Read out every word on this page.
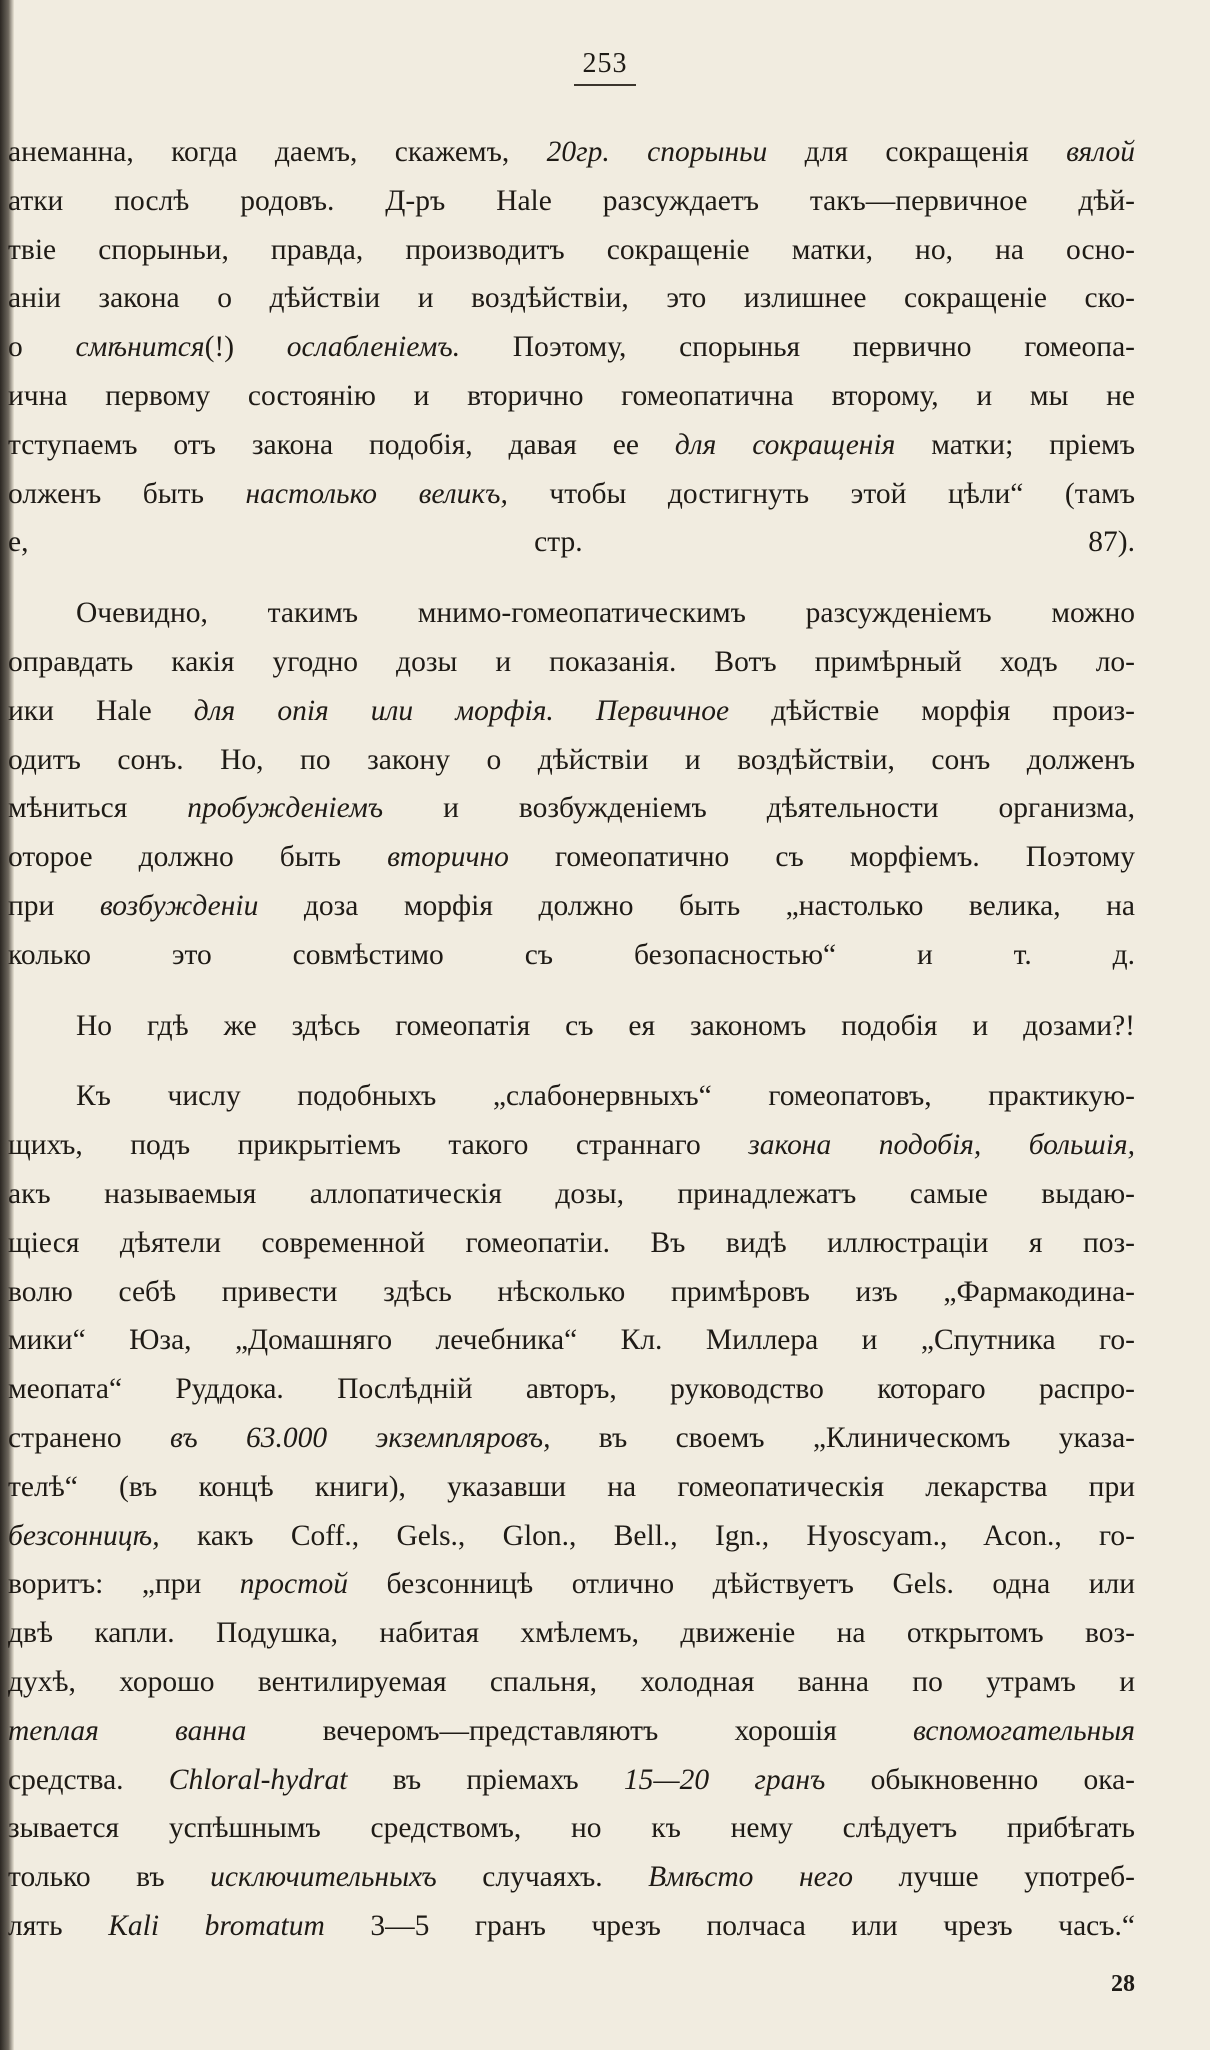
253
анемaнна, когда даемъ, скажемъ, 20гр. спорыньи для сокращенія вялой
атки послѣ родовъ. Д-ръ Hale разсуждаетъ такъ—первичное дѣй-
твіе спорыньи, правда, производитъ сокращеніе матки, но, на осно-
аніи закона о дѣйствіи и воздѣйствіи, это излишнее сокращеніе ско-
о смѣнится(!) ослабленіемъ. Поэтому, спорынья первично гомеопа-
ична первому состоянію и вторично гомеопатична второму, и мы не
тступаемъ отъ закона подобія, давая ее для сокращенія матки; пріемъ
олженъ быть настолько великъ, чтобы достигнуть этой цѣли“ (тамъ
е, стр. 87).
Очевидно, такимъ мнимо-гомеопатическимъ разсужденіемъ можно
оправдать какія угодно дозы и показанія. Вотъ примѣрный ходъ ло-
ики Hale для опія или морфія. Первичное дѣйствіе морфія произ-
одитъ сонъ. Но, по закону о дѣйствіи и воздѣйствіи, сонъ долженъ
мѣниться пробужденіемъ и возбужденіемъ дѣятельности организма,
оторое должно быть вторично гомеопатично съ морфіемъ. Поэтому
при возбужденіи доза морфія должно быть „настолько велика, на
колько это совмѣстимо съ безопасностью“ и т. д.
Но гдѣ же здѣсь гомеопатія съ ея закономъ подобія и дозами?!
Къ числу подобныхъ „слабонервныхъ“ гомеопатовъ, практикую-
щихъ, подъ прикрытіемъ такого страннаго закона подобія, большія,
акъ называемыя аллопатическія дозы, принадлежатъ самые выдаю-
щіеся дѣятели современной гомеопатіи. Въ видѣ иллюстраціи я поз-
волю себѣ привести здѣсь нѣсколько примѣровъ изъ „Фармакодина-
мики“ Юза, „Домашняго лечебника“ Кл. Миллера и „Спутника го-
меопата“ Руддока. Послѣдній авторъ, руководство котораго распро-
странено въ 63.000 экземпляровъ, въ своемъ „Клиническомъ указа-
телѣ“ (въ концѣ книги), указавши на гомеопатическія лекарства при
безсонницѣ, какъ Coff., Gels., Glon., Bell., Ign., Hyoscyam., Acon., го-
воритъ: „при простой безсонницѣ отлично дѣйствуетъ Gels. одна или
двѣ капли. Подушка, набитая хмѣлемъ, движеніе на открытомъ воз-
духѣ, хорошо вентилируемая спальня, холодная ванна по утрамъ и
теплая ванна вечеромъ—представляютъ хорошія вспомогательныя
средства. Chloral-hydrat въ пріемахъ 15—20 гранъ обыкновенно ока-
зывается успѣшнымъ средствомъ, но къ нему слѣдуетъ прибѣгать
только въ исключительныхъ случаяхъ. Вмѣсто него лучше употреб-
лять Kali bromatum 3—5 гранъ чрезъ полчаса или чрезъ часъ.“
28
